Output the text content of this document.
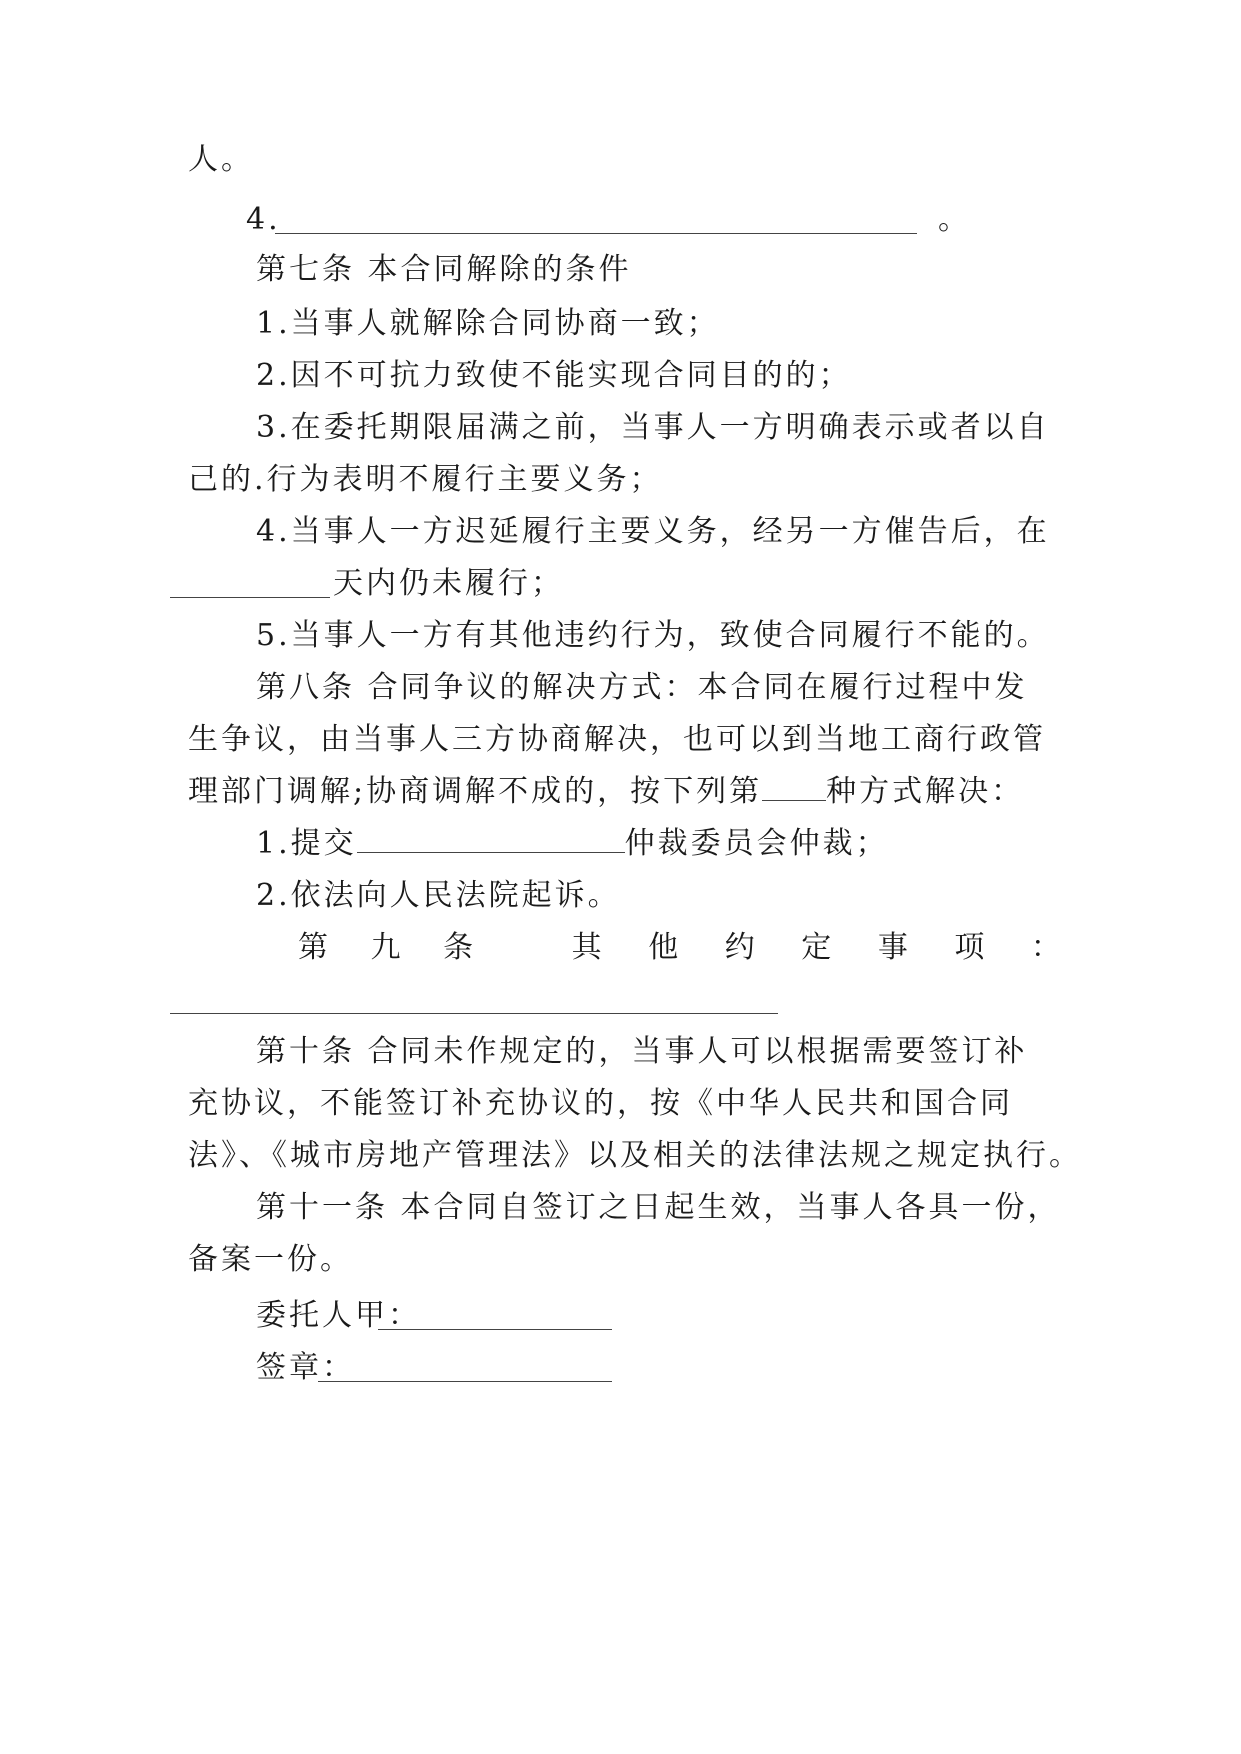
人。
4.	。
第七条 本合同解除的条件
1.当事人就解除合同协商一致；
2.因不可抗力致使不能实现合同目的的；
3.在委托期限届满之前，当事人一方明确表示或者以自
己的.行为表明不履行主要义务；
4.当事人一方迟延履行主要义务，经另一方催告后，在
天内仍未履行；
5.当事人一方有其他违约行为，致使合同履行不能的。
第八条 合同争议的解决方式：本合同在履行过程中发
生争议，由当事人三方协商解决，也可以到当地工商行政管
理部门调解;协商调解不成的，按下列第 种方式解决：
1.提交	仲裁委员会仲裁；
2.依法向人民法院起诉。
第 九 条	其 他 约 定 事 项 ：
第十条 合同未作规定的，当事人可以根据需要签订补
充协议，不能签订补充协议的，按《中华人民共和国合同
法》、《城市房地产管理法》以及相关的法律法规之规定执行。
第十一条 本合同自签订之日起生效，当事人各具一份，
备案一份。
委托人甲：
签章：
